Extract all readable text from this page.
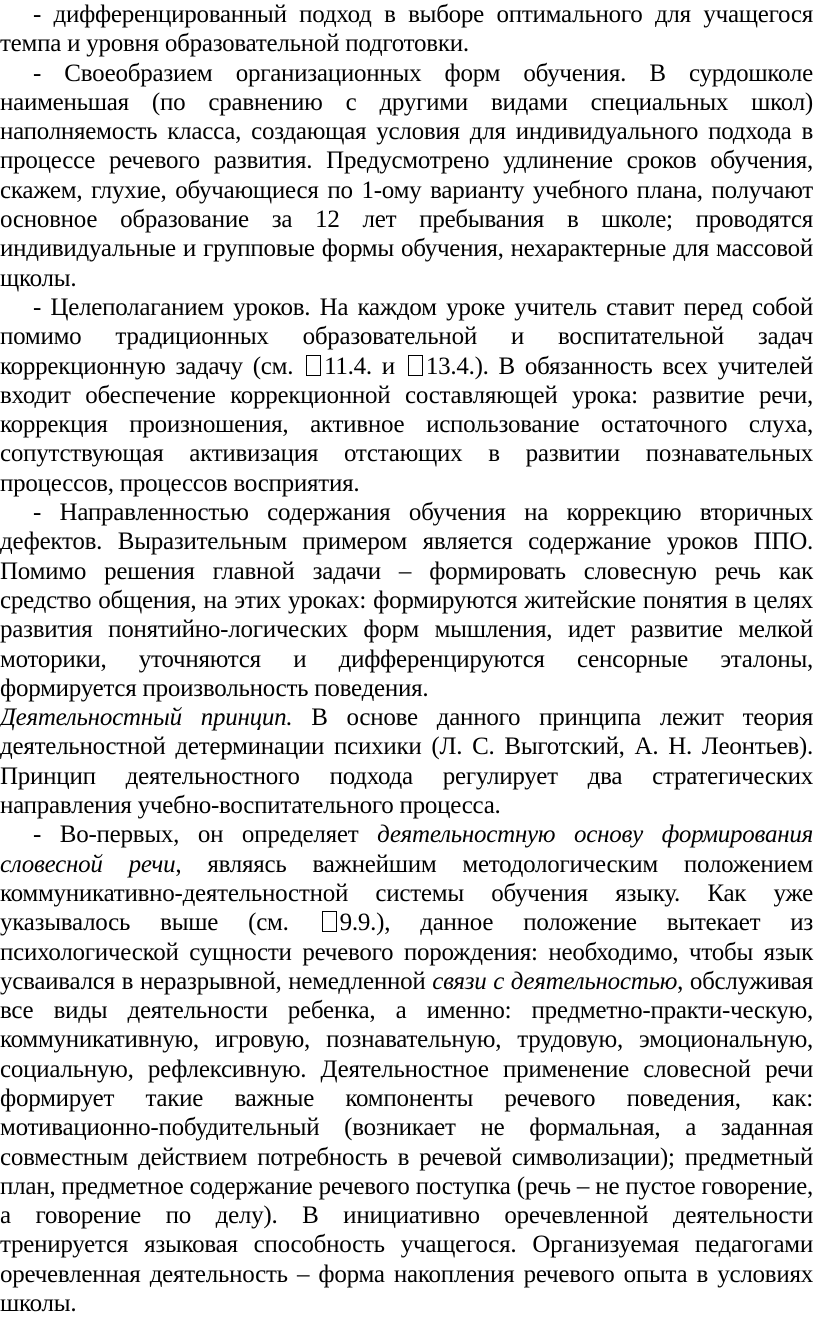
- дифференцированный подход в выборе оптимального для учащегося темпа и уровня образовательной подготовки.

- Своеобразием организационных форм обучения. В сурдошколе наименьшая (по сравнению с другими видами специальных школ) наполняемость класса, создающая условия для индивидуального подхода в процессе речевого развития. Предусмотрено удлинение сроков обучения, скажем, глухие, обучающиеся по 1-ому варианту учебного плана, получают основное образование за 12 лет пребывания в школе; проводятся индивидуальные и групповые формы обучения, нехарактерные для массовой щколы.

- Целеполаганием уроков. На каждом уроке учитель ставит перед собой помимо традиционных образовательной и воспитательной задач коррекционную задачу (см. 11.4. и 13.4.). В обязанность всех учителей входит обеспечение коррекционной составляющей урока: развитие речи, коррекция произношения, активное использование остаточного слуха, сопутствующая активизация отстающих в развитии познавательных процессов, процессов восприятия.

- Направленностью содержания обучения на коррекцию вторичных дефектов. Выразительным примером является содержание уроков ППО. Помимо решения главной задачи – формировать словесную речь как средство общения, на этих уроках: формируются житейские понятия в целях развития понятийно-логических форм мышления, идет развитие мелкой моторики, уточняются и дифференцируются сенсорные эталоны, формируется произвольность поведения.

Деятельностный принцип. В основе данного принципа лежит теория деятельностной детерминации психики (Л. С. Выготский, А. Н. Леонтьев). Принцип деятельностного подхода регулирует два стратегических направления учебно-воспитательного процесса.

- Во-первых, он определяет деятельностную основу формирования словесной речи, являясь важнейшим методологическим положением коммуникативно-деятельностной системы обучения языку. Как уже указывалось выше (см. 9.9.), данное положение вытекает из психологической сущности речевого порождения: необходимо, чтобы язык усваивался в неразрывной, немедленной связи с деятельностью, обслуживая все виды деятельности ребенка, а именно: предметно-практи-ческую, коммуникативную, игровую, познавательную, трудовую, эмоциональную, социальную, рефлексивную. Деятельностное применение словесной речи формирует такие важные компоненты речевого поведения, как: мотивационно-побудительный (возникает не формальная, а заданная совместным действием потребность в речевой символизации); предметный план, предметное содержание речевого поступка (речь – не пустое говорение, а говорение по делу). В инициативно оречевленной деятельности тренируется языковая способность учащегося. Организуемая педагогами оречевленная деятельность – форма накопления речевого опыта в условиях школы.
